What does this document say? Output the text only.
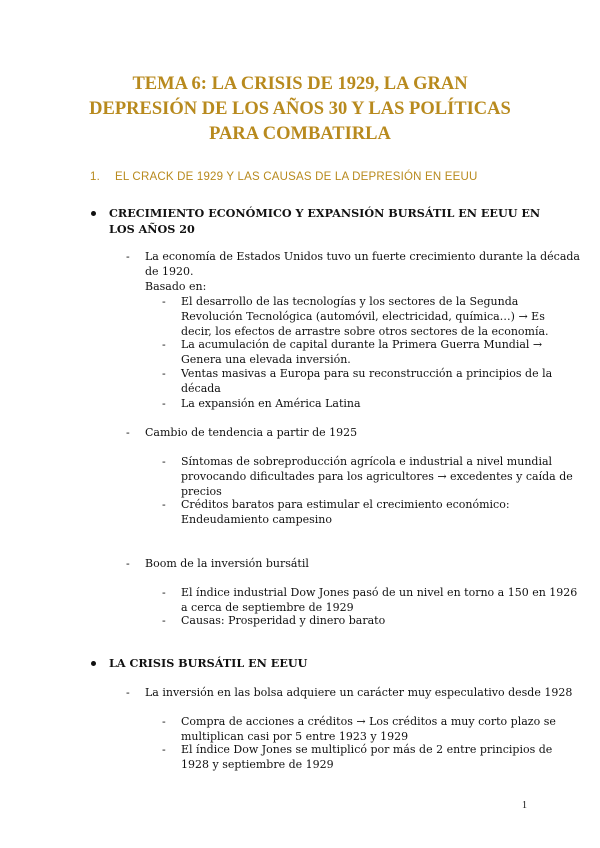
TEMA 6: LA CRISIS DE 1929, LA GRAN
DEPRESIÓN DE LOS AÑOS 30 Y LAS POLÍTICAS
PARA COMBATIRLA
1. EL CRACK DE 1929 Y LAS CAUSAS DE LA DEPRESIÓN EN EEUU

CRECIMIENTO ECONÓMICO Y EXPANSIÓN BURSÁTIL EN EEUU EN
LOS AÑOS 20

- La economía de Estados Unidos tuvo un fuerte crecimiento durante la década
de 1920.
Basado en:

- El desarrollo de las tecnologías y los sectores de la Segunda
Revolución Tecnológica (automóvil, electricidad, química…) → Es
decir, los efectos de arrastre sobre otros sectores de la economía.

- La acumulación de capital durante la Primera Guerra Mundial →
Genera una elevada inversión.

- Ventas masivas a Europa para su reconstrucción a principios de la
década

- La expansión en América Latina

- Cambio de tendencia a partir de 1925

- Síntomas de sobreproducción agrícola e industrial a nivel mundial
provocando dificultades para los agricultores → excedentes y caída de
precios

- Créditos baratos para estimular el crecimiento económico:
Endeudamiento campesino

- Boom de la inversión bursátil

- El índice industrial Dow Jones pasó de un nivel en torno a 150 en 1926
a cerca de septiembre de 1929

- Causas: Prosperidad y dinero barato

LA CRISIS BURSÁTIL EN EEUU

- La inversión en las bolsa adquiere un carácter muy especulativo desde 1928

- Compra de acciones a créditos → Los créditos a muy corto plazo se
multiplican casi por 5 entre 1923 y 1929

- El índice Dow Jones se multiplicó por más de 2 entre principios de
1928 y septiembre de 1929

1
